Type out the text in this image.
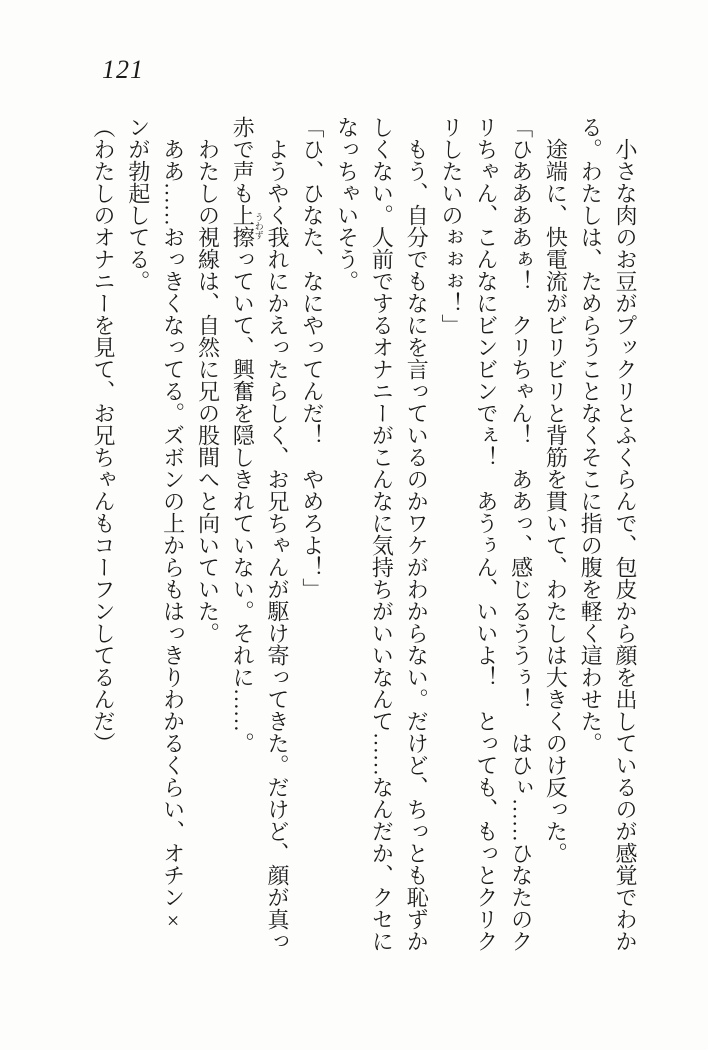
121

　小さな肉のお豆がプックリとふくらんで、包皮から顔を出しているのが感覚でわかる。わたしは、ためらうことなくそこに指の腹を軽く這わせた。

　途端に、快電流がビリビリと背筋を貫いて、わたしは大きくのけ反った。

「ひああああぁ！　クリちゃん！　ああっ、感じるううぅ！　はひぃ……ひなたのクリちゃん、こんなにビンビンでぇ！　あうぅん、いいよ！　とっても、もっとクリクリしたいのぉぉぉ！」

　もう、自分でもなにを言っているのかワケがわからない。だけど、ちっとも恥ずかしくない。人前でするオナニーがこんなに気持ちがいいなんて……なんだか、クセになっちゃいそう。

「ひ、ひなた、なにやってんだ！　やめろよ！」

　ようやく我れにかえったらしく、お兄ちゃんが駆け寄ってきた。だけど、顔が真っ赤で声も上擦うわずっていて、興奮を隠しきれていない。それに……。

　わたしの視線は、自然に兄の股間へと向いていた。

　ああ……おっきくなってる。ズボンの上からもはっきりわかるくらい、オチン×ンが勃起してる。

（わたしのオナニーを見て、お兄ちゃんもコーフンしてるんだ）
